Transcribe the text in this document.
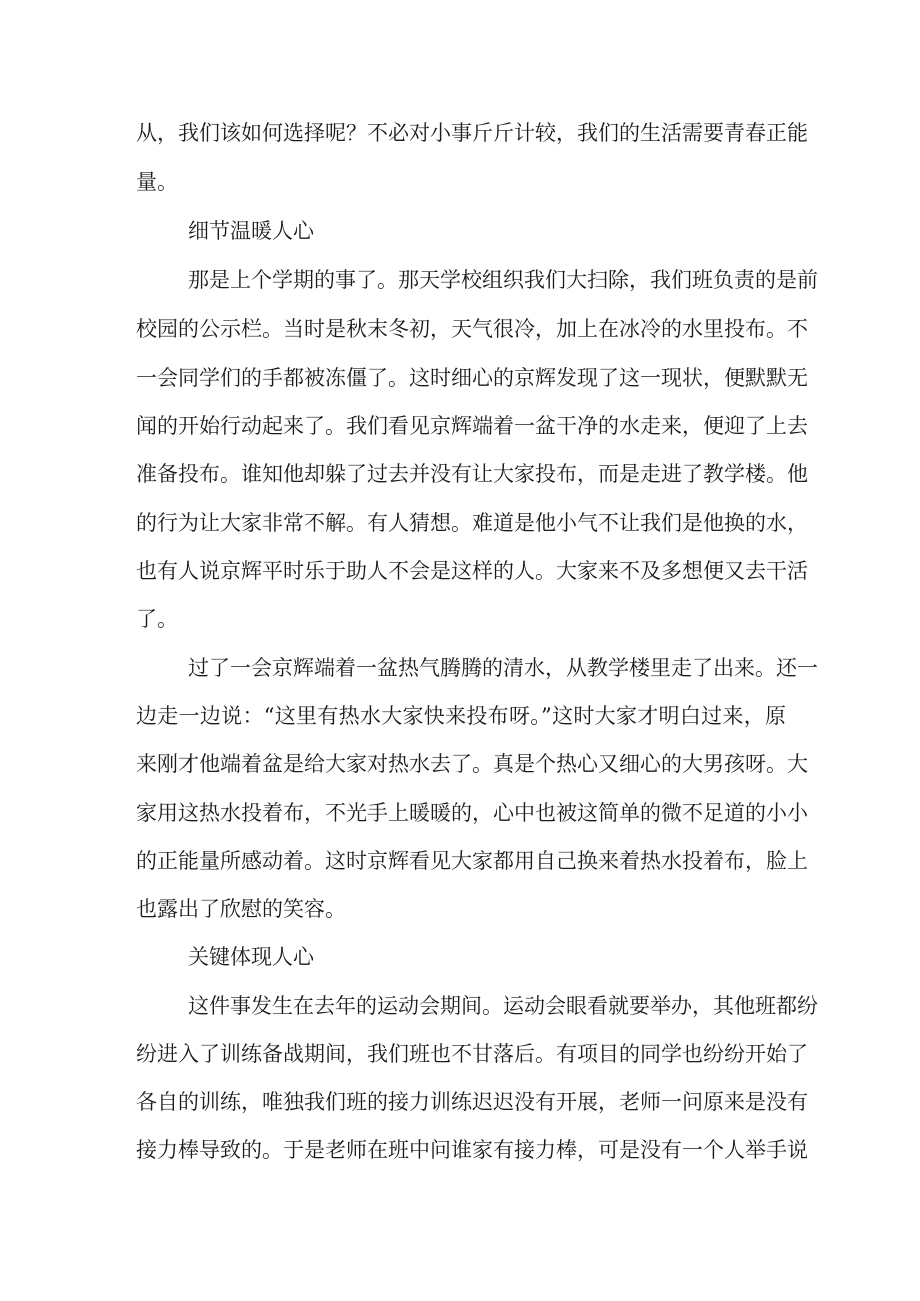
从，我们该如何选择呢？不必对小事斤斤计较，我们的生活需要青春正能
量。
细节温暖人心
那是上个学期的事了。那天学校组织我们大扫除，我们班负责的是前
校园的公示栏。当时是秋末冬初，天气很冷，加上在冰冷的水里投布。不
一会同学们的手都被冻僵了。这时细心的京辉发现了这一现状，便默默无
闻的开始行动起来了。我们看见京辉端着一盆干净的水走来，便迎了上去
准备投布。谁知他却躲了过去并没有让大家投布，而是走进了教学楼。他
的行为让大家非常不解。有人猜想。难道是他小气不让我们是他换的水，
也有人说京辉平时乐于助人不会是这样的人。大家来不及多想便又去干活
了。
过了一会京辉端着一盆热气腾腾的清水，从教学楼里走了出来。还一
边走一边说：“这里有热水大家快来投布呀。”这时大家才明白过来，原
来刚才他端着盆是给大家对热水去了。真是个热心又细心的大男孩呀。大
家用这热水投着布，不光手上暖暖的，心中也被这简单的微不足道的小小
的正能量所感动着。这时京辉看见大家都用自己换来着热水投着布，脸上
也露出了欣慰的笑容。
关键体现人心
这件事发生在去年的运动会期间。运动会眼看就要举办，其他班都纷
纷进入了训练备战期间，我们班也不甘落后。有项目的同学也纷纷开始了
各自的训练，唯独我们班的接力训练迟迟没有开展，老师一问原来是没有
接力棒导致的。于是老师在班中问谁家有接力棒，可是没有一个人举手说
